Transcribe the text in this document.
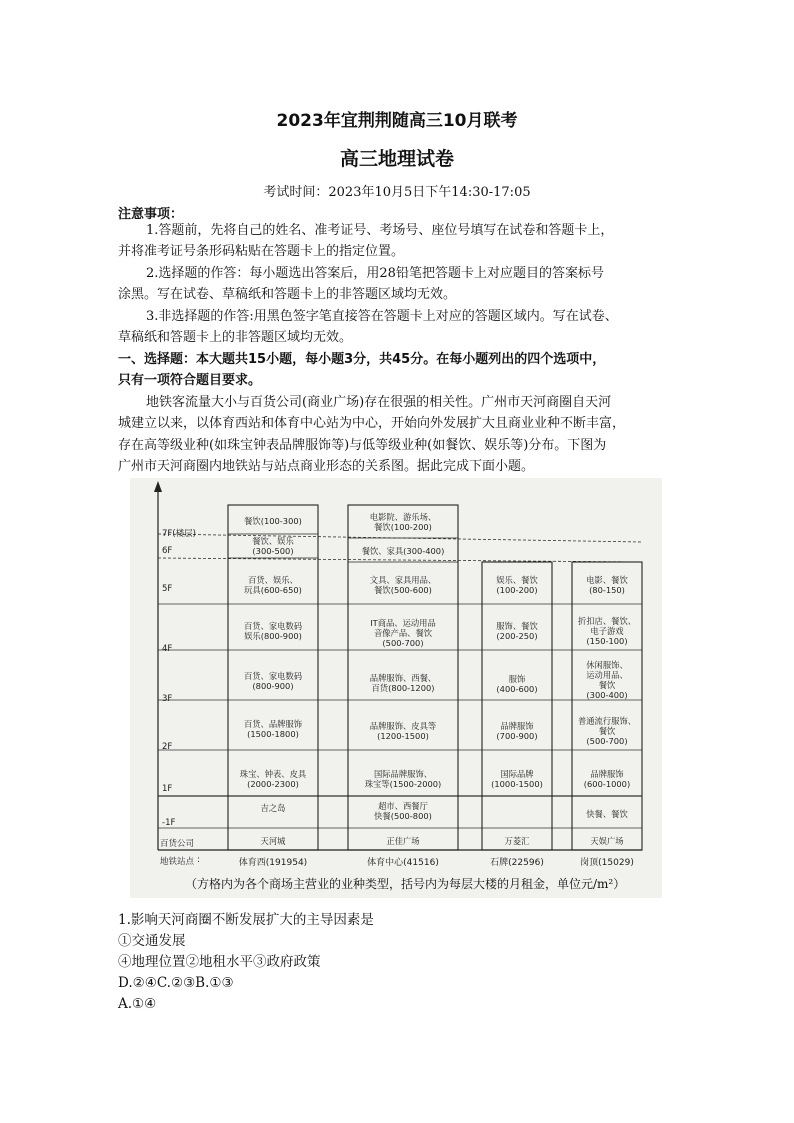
2023年宜荆荆随高三10月联考
高三地理试卷
考试时间：2023年10月5日下午14:30-17:05
注意事项：
1.答题前，先将自己的姓名、准考证号、考场号、座位号填写在试卷和答题卡上，
并将准考证号条形码粘贴在答题卡上的指定位置。
2.选择题的作答：每小题选出答案后，用28铅笔把答题卡上对应题目的答案标号
涂黑。写在试卷、草稿纸和答题卡上的非答题区域均无效。
3.非选择题的作答:用黑色签字笔直接答在答题卡上对应的答题区域内。写在试卷、
草稿纸和答题卡上的非答题区域均无效。
一、选择题：本大题共15小题，每小题3分，共45分。在每小题列出的四个选项中，
只有一项符合题目要求。
地铁客流量大小与百货公司(商业广场)存在很强的相关性。广州市天河商圈自天河
城建立以来，以体育西站和体育中心站为中心，开始向外发展扩大且商业业种不断丰富，
存在高等级业种(如珠宝钟表品牌服饰等)与低等级业种(如餐饮、娱乐等)分布。下图为
广州市天河商圈内地铁站与站点商业形态的关系图。据此完成下面小题。
7F(楼层)
6F
5F
4F
3F
2F
1F
-1F
百货公司
地铁站点 :
餐饮(100-300)
餐饮、娱乐
(300-500)
百货、娱乐、
玩具(600-650)
百货、家电数码
娱乐(800-900)
百货、家电数码
(800-900)
百货、品牌服饰
(1500-1800)
珠宝、钟表、皮具
(2000-2300)
吉之岛
天河城
体育西(191954)
电影院、游乐场、
餐饮(100-200)
餐饮、家具(300-400)
文具、家具用品、
餐饮(500-600)
IT商品、运动用品
音像产品、餐饮
(500-700)
品牌服饰、西餐、
百货(800-1200)
品牌服饰、皮具等
(1200-1500)
国际品牌服饰、
珠宝等(1500-2000)
超市、西餐厅
快餐(500-800)
正佳广场
体育中心(41516)
娱乐、餐饮
(100-200)
服饰、餐饮
(200-250)
服饰
(400-600)
品牌服饰
(700-900)
国际品牌
(1000-1500)
万菱汇
石牌(22596)
电影、餐饮
(80-150)
折扣店、餐饮、
电子游戏
(150-100)
休闲服饰、
运动用品、
餐饮
(300-400)
普通流行服饰、
餐饮
(500-700)
品牌服饰
(600-1000)
快餐、餐饮
天娱广场
岗顶(15029)
（方格内为各个商场主营业的业种类型，括号内为每层大楼的月租金，单位元/m²）
1.影响天河商圈不断发展扩大的主导因素是
①交通发展
④地理位置②地租水平③政府政策
D.②④C.②③B.①③
A.①④
